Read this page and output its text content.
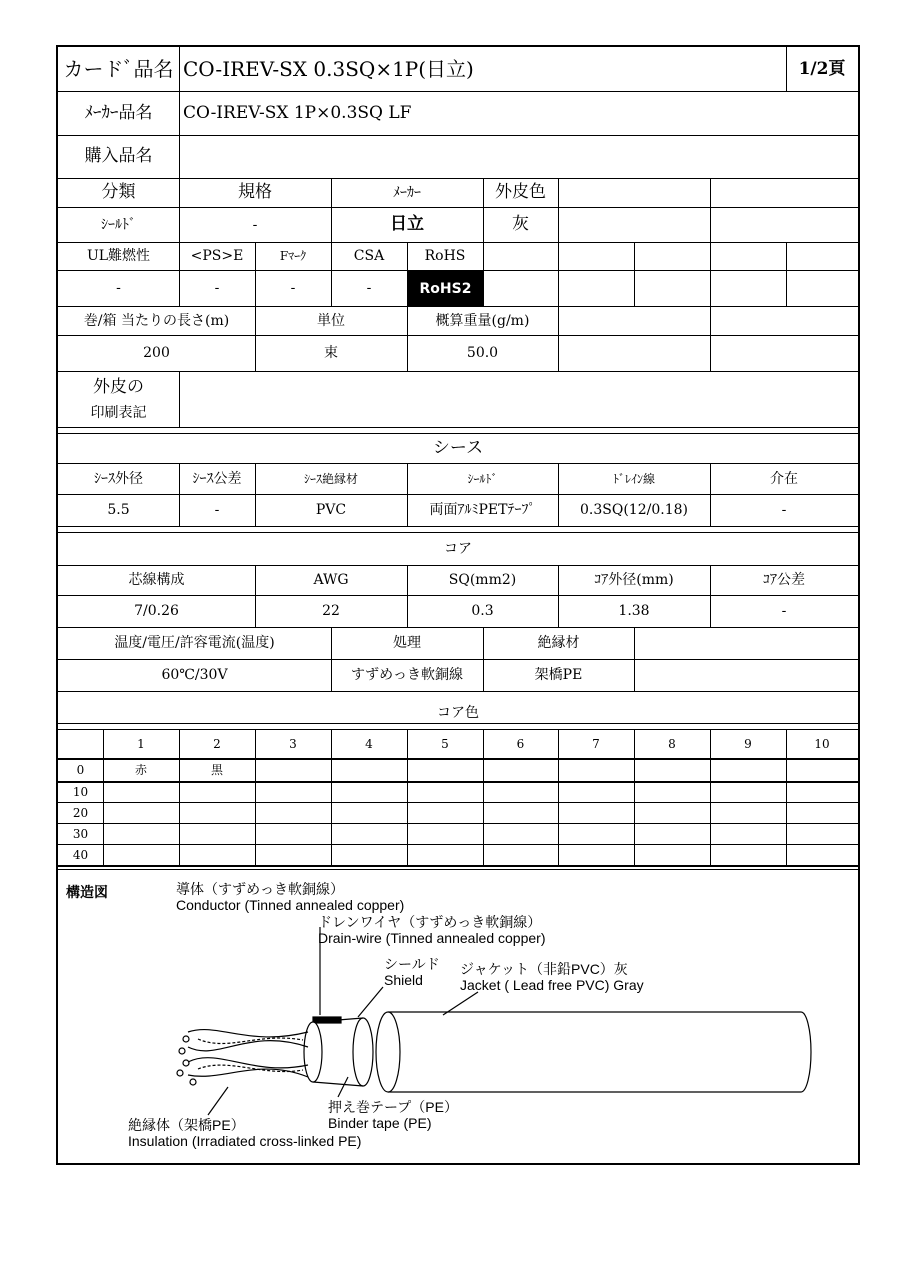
カードﾞ品名 CO-IREV-SX 0.3SQ×1P(日立)	1/2頁
ﾒｰｶｰ品名	CO-IREV-SX 1P×0.3SQ LF
購入品名
分類	規格	ﾒｰｶｰ	外皮色
ｼｰﾙﾄﾞ	-	日立	灰
UL難燃性	<PS>E	Fﾏｰｸ	CSA	RoHS
-	-	-	-	RoHS2
巻/箱 当たりの長さ(m)	単位	概算重量(g/m)
200	束	50.0
外皮の
印刷表記
シース
ｼｰｽ外径	ｼｰｽ公差	ｼｰｽ絶縁材	ｼｰﾙﾄﾞ	ﾄﾞﾚｲﾝ線	介在
5.5	-	PVC	両面ｱﾙﾐPETﾃｰﾌﾟ	0.3SQ(12/0.18)	-
コア
芯線構成	AWG	SQ(mm2)	ｺｱ外径(mm)	ｺｱ公差
7/0.26	22	0.3	1.38	-
温度/電圧/許容電流(温度)	処理	絶縁材
60℃/30V	すずめっき軟銅線	架橋PE
コア色
構造図	導体（すずめっき軟銅線）
Conductor (Tinned annealed copper)
ドレンワイヤ（すずめっき軟銅線）
Drain-wire (Tinned annealed copper)
シールド
Shield
ジャケット（非鉛PVC）灰
Jacket ( Lead free PVC) Gray
押え巻テープ（PE）
Binder tape (PE)
絶縁体（架橋PE）
Insulation (Irradiated cross-linked PE)
1	2	3	4	5	6	7	8	9	10
0	赤	黒
10
20
30
40
